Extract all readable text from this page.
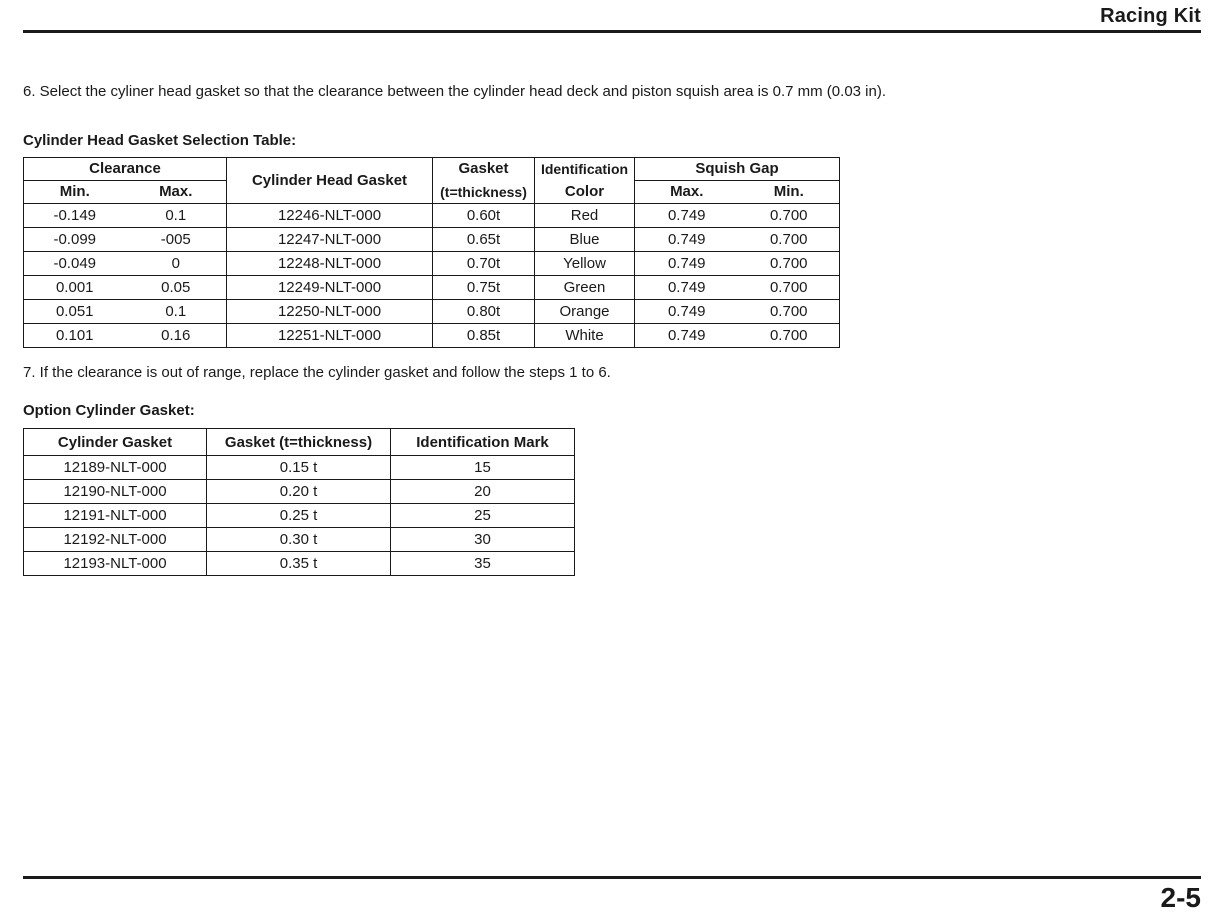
Racing Kit
6. Select the cyliner head gasket so that the clearance between the cylinder head deck and piston squish area is 0.7 mm (0.03 in).
Cylinder Head Gasket Selection Table:
Clearance		Cylinder Head Gasket	Gasket	Identification	Squish Gap	
Min.	Max.		(t=thickness)	Color	Max.	Min.
-0.149	0.1	12246-NLT-000	0.60t	Red	0.749	0.700
-0.099	-005	12247-NLT-000	0.65t	Blue	0.749	0.700
-0.049	0	12248-NLT-000	0.70t	Yellow	0.749	0.700
0.001	0.05	12249-NLT-000	0.75t	Green	0.749	0.700
0.051	0.1	12250-NLT-000	0.80t	Orange	0.749	0.700
0.101	0.16	12251-NLT-000	0.85t	White	0.749	0.700
7. If the clearance is out of range, replace the cylinder gasket and follow the steps 1 to 6.
Option Cylinder Gasket:
Cylinder Gasket	Gasket (t=thickness)	Identification Mark
12189-NLT-000	0.15 t	15
12190-NLT-000	0.20 t	20
12191-NLT-000	0.25 t	25
12192-NLT-000	0.30 t	30
12193-NLT-000	0.35 t	35
2-5
